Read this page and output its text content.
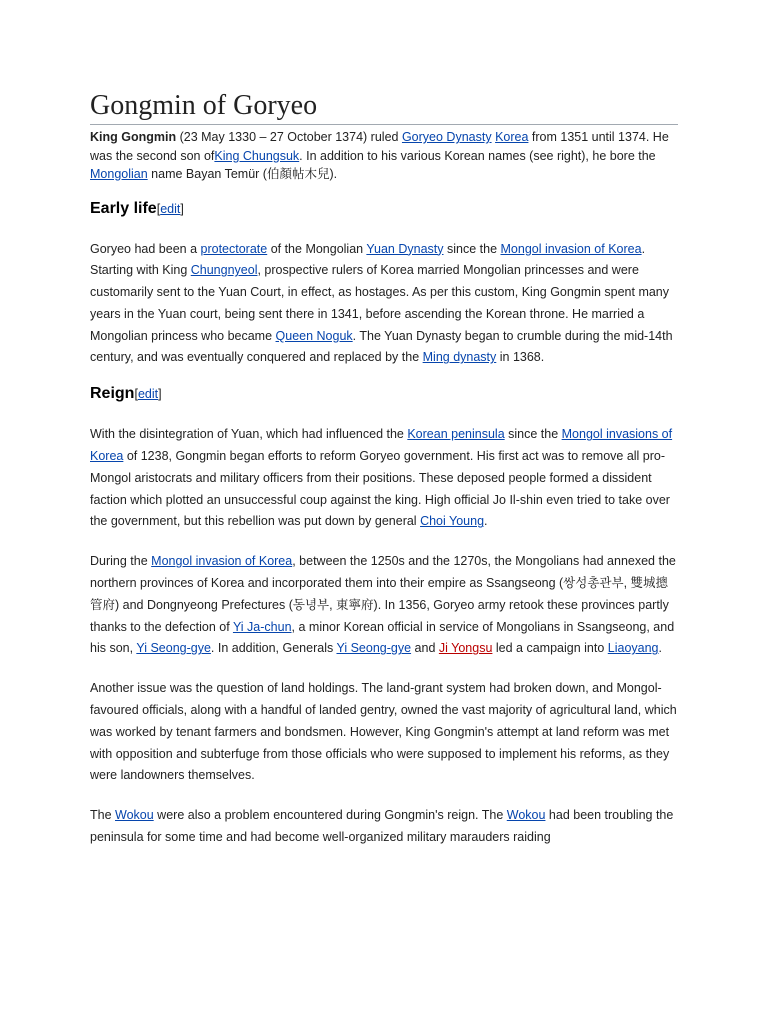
Gongmin of Goryeo

King Gongmin (23 May 1330 – 27 October 1374) ruled Goryeo Dynasty Korea from 1351 until 1374. He was the second son ofKing Chungsuk. In addition to his various Korean names (see right), he bore the Mongolian name Bayan Temür (伯顏帖木兒).

Early life[edit]

Goryeo had been a protectorate of the Mongolian Yuan Dynasty since the Mongol invasion of Korea. Starting with King Chungnyeol, prospective rulers of Korea married Mongolian princesses and were customarily sent to the Yuan Court, in effect, as hostages. As per this custom, King Gongmin spent many years in the Yuan court, being sent there in 1341, before ascending the Korean throne. He married a Mongolian princess who became Queen Noguk. The Yuan Dynasty began to crumble during the mid-14th century, and was eventually conquered and replaced by the Ming dynasty in 1368.

Reign[edit]

With the disintegration of Yuan, which had influenced the Korean peninsula since the Mongol invasions of Korea of 1238, Gongmin began efforts to reform Goryeo government. His first act was to remove all pro-Mongol aristocrats and military officers from their positions. These deposed people formed a dissident faction which plotted an unsuccessful coup against the king. High official Jo Il-shin even tried to take over the government, but this rebellion was put down by general Choi Young.

During the Mongol invasion of Korea, between the 1250s and the 1270s, the Mongolians had annexed the northern provinces of Korea and incorporated them into their empire as Ssangseong (쌍성총관부, 雙城摠管府) and Dongnyeong Prefectures (동녕부, 東寧府). In 1356, Goryeo army retook these provinces partly thanks to the defection of Yi Ja-chun, a minor Korean official in service of Mongolians in Ssangseong, and his son, Yi Seong-gye. In addition, Generals Yi Seong-gye and Ji Yongsu led a campaign into Liaoyang.

Another issue was the question of land holdings. The land-grant system had broken down, and Mongol-favoured officials, along with a handful of landed gentry, owned the vast majority of agricultural land, which was worked by tenant farmers and bondsmen. However, King Gongmin's attempt at land reform was met with opposition and subterfuge from those officials who were supposed to implement his reforms, as they were landowners themselves.

The Wokou were also a problem encountered during Gongmin's reign. The Wokou had been troubling the peninsula for some time and had become well-organized military marauders raiding
